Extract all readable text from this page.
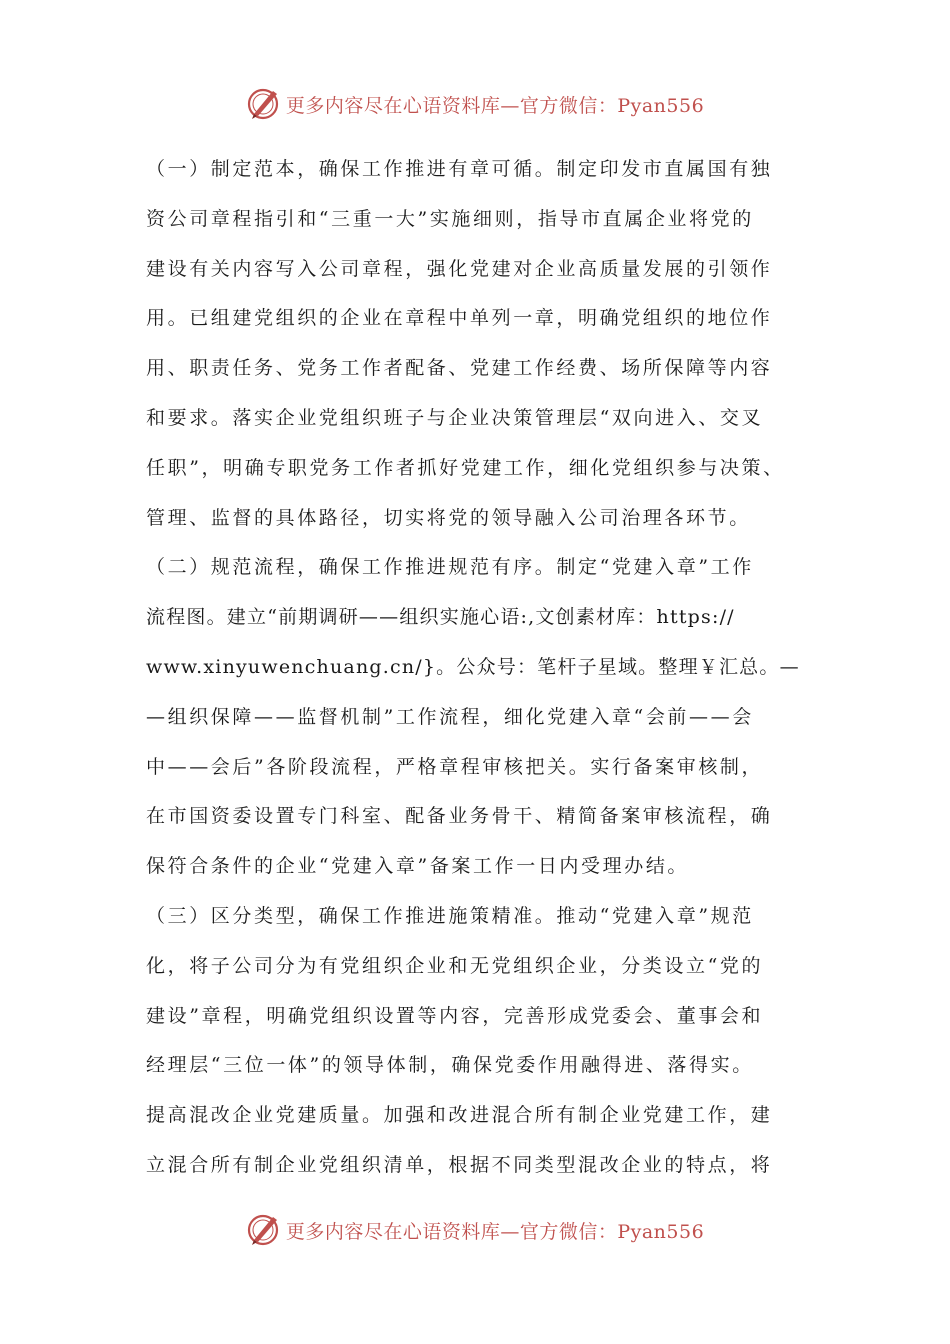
更多内容尽在心语资料库—官方微信：Pyan556
（一）制定范本，确保工作推进有章可循。制定印发市直属国有独
资公司章程指引和“三重一大”实施细则，指导市直属企业将党的
建设有关内容写入公司章程，强化党建对企业高质量发展的引领作
用。已组建党组织的企业在章程中单列一章，明确党组织的地位作
用、职责任务、党务工作者配备、党建工作经费、场所保障等内容
和要求。落实企业党组织班子与企业决策管理层“双向进入、交叉
任职”，明确专职党务工作者抓好党建工作，细化党组织参与决策、
管理、监督的具体路径，切实将党的领导融入公司治理各环节。
（二）规范流程，确保工作推进规范有序。制定“党建入章”工作
流程图。建立“前期调研——组织实施心语:,文创素材库：https://
www.xinyuwenchuang.cn/}。公众号：笔杆子星域。整理￥汇总。—
—组织保障——监督机制”工作流程，细化党建入章“会前——会
中——会后”各阶段流程，严格章程审核把关。实行备案审核制，
在市国资委设置专门科室、配备业务骨干、精简备案审核流程，确
保符合条件的企业“党建入章”备案工作一日内受理办结。
（三）区分类型，确保工作推进施策精准。推动“党建入章”规范
化，将子公司分为有党组织企业和无党组织企业，分类设立“党的
建设”章程，明确党组织设置等内容，完善形成党委会、董事会和
经理层“三位一体”的领导体制，确保党委作用融得进、落得实。
提高混改企业党建质量。加强和改进混合所有制企业党建工作，建
立混合所有制企业党组织清单，根据不同类型混改企业的特点，将
更多内容尽在心语资料库—官方微信：Pyan556
